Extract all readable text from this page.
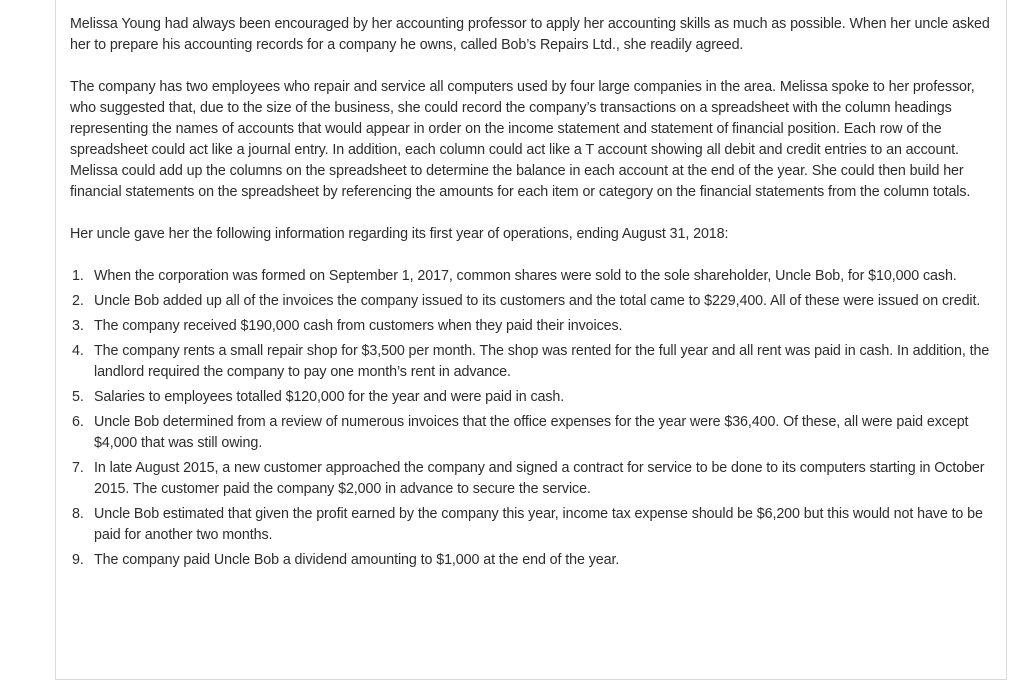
Melissa Young had always been encouraged by her accounting professor to apply her accounting skills as much as possible. When her uncle asked her to prepare his accounting records for a company he owns, called Bob’s Repairs Ltd., she readily agreed.

The company has two employees who repair and service all computers used by four large companies in the area. Melissa spoke to her professor, who suggested that, due to the size of the business, she could record the company’s transactions on a spreadsheet with the column headings representing the names of accounts that would appear in order on the income statement and statement of financial position. Each row of the spreadsheet could act like a journal entry. In addition, each column could act like a T account showing all debit and credit entries to an account. Melissa could add up the columns on the spreadsheet to determine the balance in each account at the end of the year. She could then build her financial statements on the spreadsheet by referencing the amounts for each item or category on the financial statements from the column totals.

Her uncle gave her the following information regarding its first year of operations, ending August 31, 2018:

1. When the corporation was formed on September 1, 2017, common shares were sold to the sole shareholder, Uncle Bob, for $10,000 cash.
2. Uncle Bob added up all of the invoices the company issued to its customers and the total came to $229,400. All of these were issued on credit.
3. The company received $190,000 cash from customers when they paid their invoices.
4. The company rents a small repair shop for $3,500 per month. The shop was rented for the full year and all rent was paid in cash. In addition, the landlord required the company to pay one month’s rent in advance.
5. Salaries to employees totalled $120,000 for the year and were paid in cash.
6. Uncle Bob determined from a review of numerous invoices that the office expenses for the year were $36,400. Of these, all were paid except $4,000 that was still owing.
7. In late August 2015, a new customer approached the company and signed a contract for service to be done to its computers starting in October 2015. The customer paid the company $2,000 in advance to secure the service.
8. Uncle Bob estimated that given the profit earned by the company this year, income tax expense should be $6,200 but this would not have to be paid for another two months.
9. The company paid Uncle Bob a dividend amounting to $1,000 at the end of the year.
